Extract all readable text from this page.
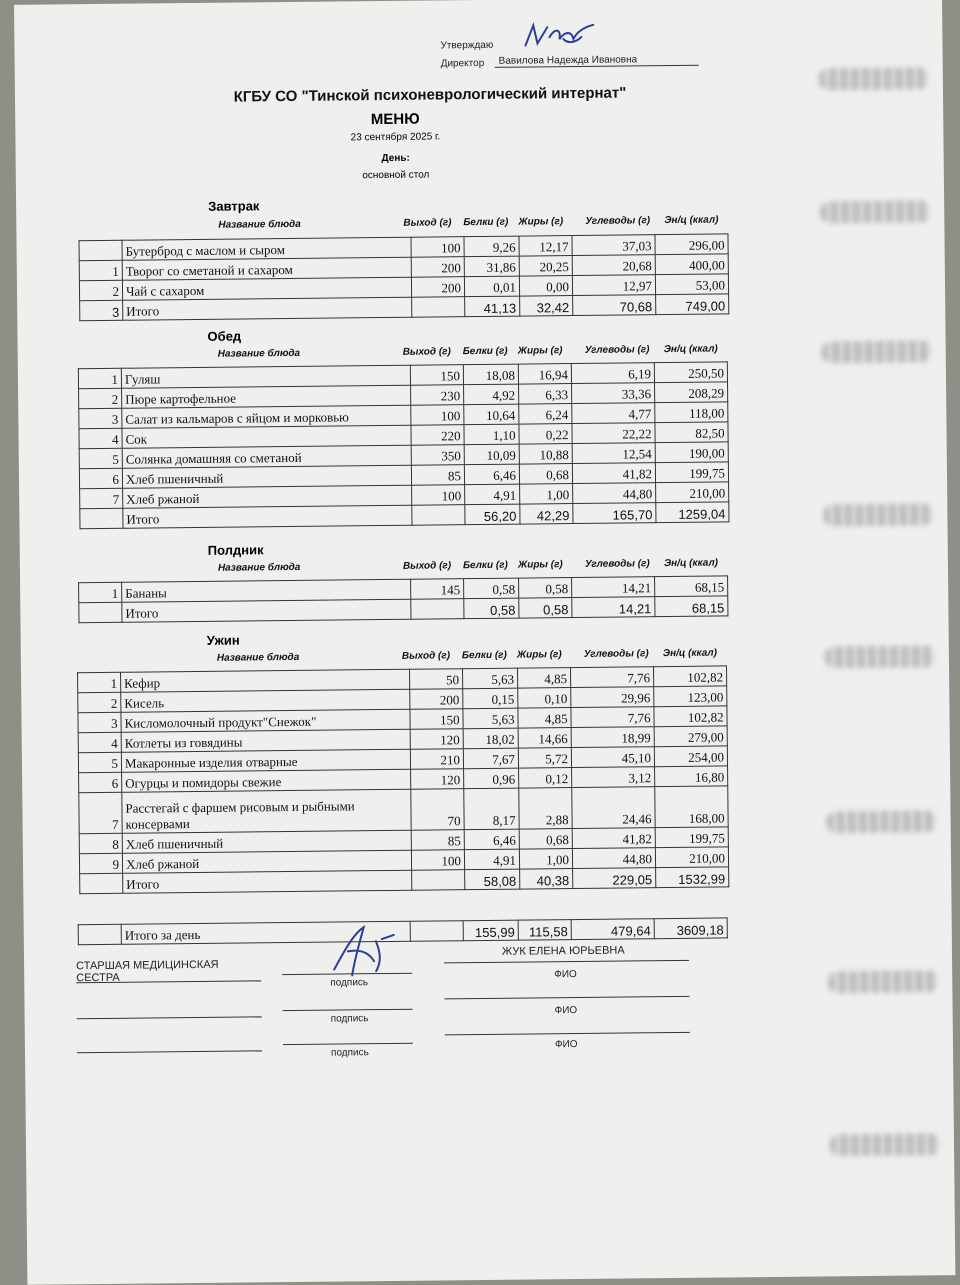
Утверждаю
Директор	Вавилова Надежда Ивановна
КГБУ СО "Тинской психоневрологический интернат"
МЕНЮ
23 сентября 2025 г.
День:
основной стол
Завтрак
Название блюда	Выход (г) Белки (г) Жиры (г) Углеводы (г) Эн/ц (ккал)
	Бутерброд с маслом и сыром	100	9,26	12,17	37,03	296,00
1	Творог со сметаной и сахаром	200	31,86	20,25	20,68	400,00
2	Чай с сахаром	200	0,01	0,00	12,97	53,00
3	Итого		41,13	32,42	70,68	749,00
Обед
Название блюда	Выход (г) Белки (г) Жиры (г) Углеводы (г) Эн/ц (ккал)
1	Гуляш	150	18,08	16,94	6,19	250,50
2	Пюре картофельное	230	4,92	6,33	33,36	208,29
3	Салат из кальмаров с яйцом и морковью	100	10,64	6,24	4,77	118,00
4	Сок	220	1,10	0,22	22,22	82,50
5	Солянка домашняя со сметаной	350	10,09	10,88	12,54	190,00
6	Хлеб пшеничный	85	6,46	0,68	41,82	199,75
7	Хлеб ржаной	100	4,91	1,00	44,80	210,00
	Итого		56,20	42,29	165,70	1259,04
Полдник
Название блюда	Выход (г) Белки (г) Жиры (г) Углеводы (г) Эн/ц (ккал)
1	Бананы	145	0,58	0,58	14,21	68,15
	Итого		0,58	0,58	14,21	68,15
Ужин
Название блюда	Выход (г) Белки (г) Жиры (г) Углеводы (г) Эн/ц (ккал)
1	Кефир	50	5,63	4,85	7,76	102,82
2	Кисель	200	0,15	0,10	29,96	123,00
3	Кисломолочный продукт"Снежок"	150	5,63	4,85	7,76	102,82
4	Котлеты из говядины	120	18,02	14,66	18,99	279,00
5	Макаронные изделия отварные	210	7,67	5,72	45,10	254,00
6	Огурцы и помидоры свежие	120	0,96	0,12	3,12	16,80
7	Расстегай с фаршем рисовым и рыбными консервами	70	8,17	2,88	24,46	168,00
8	Хлеб пшеничный	85	6,46	0,68	41,82	199,75
9	Хлеб ржаной	100	4,91	1,00	44,80	210,00
	Итого		58,08	40,38	229,05	1532,99
	Итого за день		155,99	115,58	479,64	3609,18
СТАРШАЯ МЕДИЦИНСКАЯ СЕСТРА	подпись
ЖУК ЕЛЕНА ЮРЬЕВНА
ФИО
подпись
ФИО
подпись
ФИО
